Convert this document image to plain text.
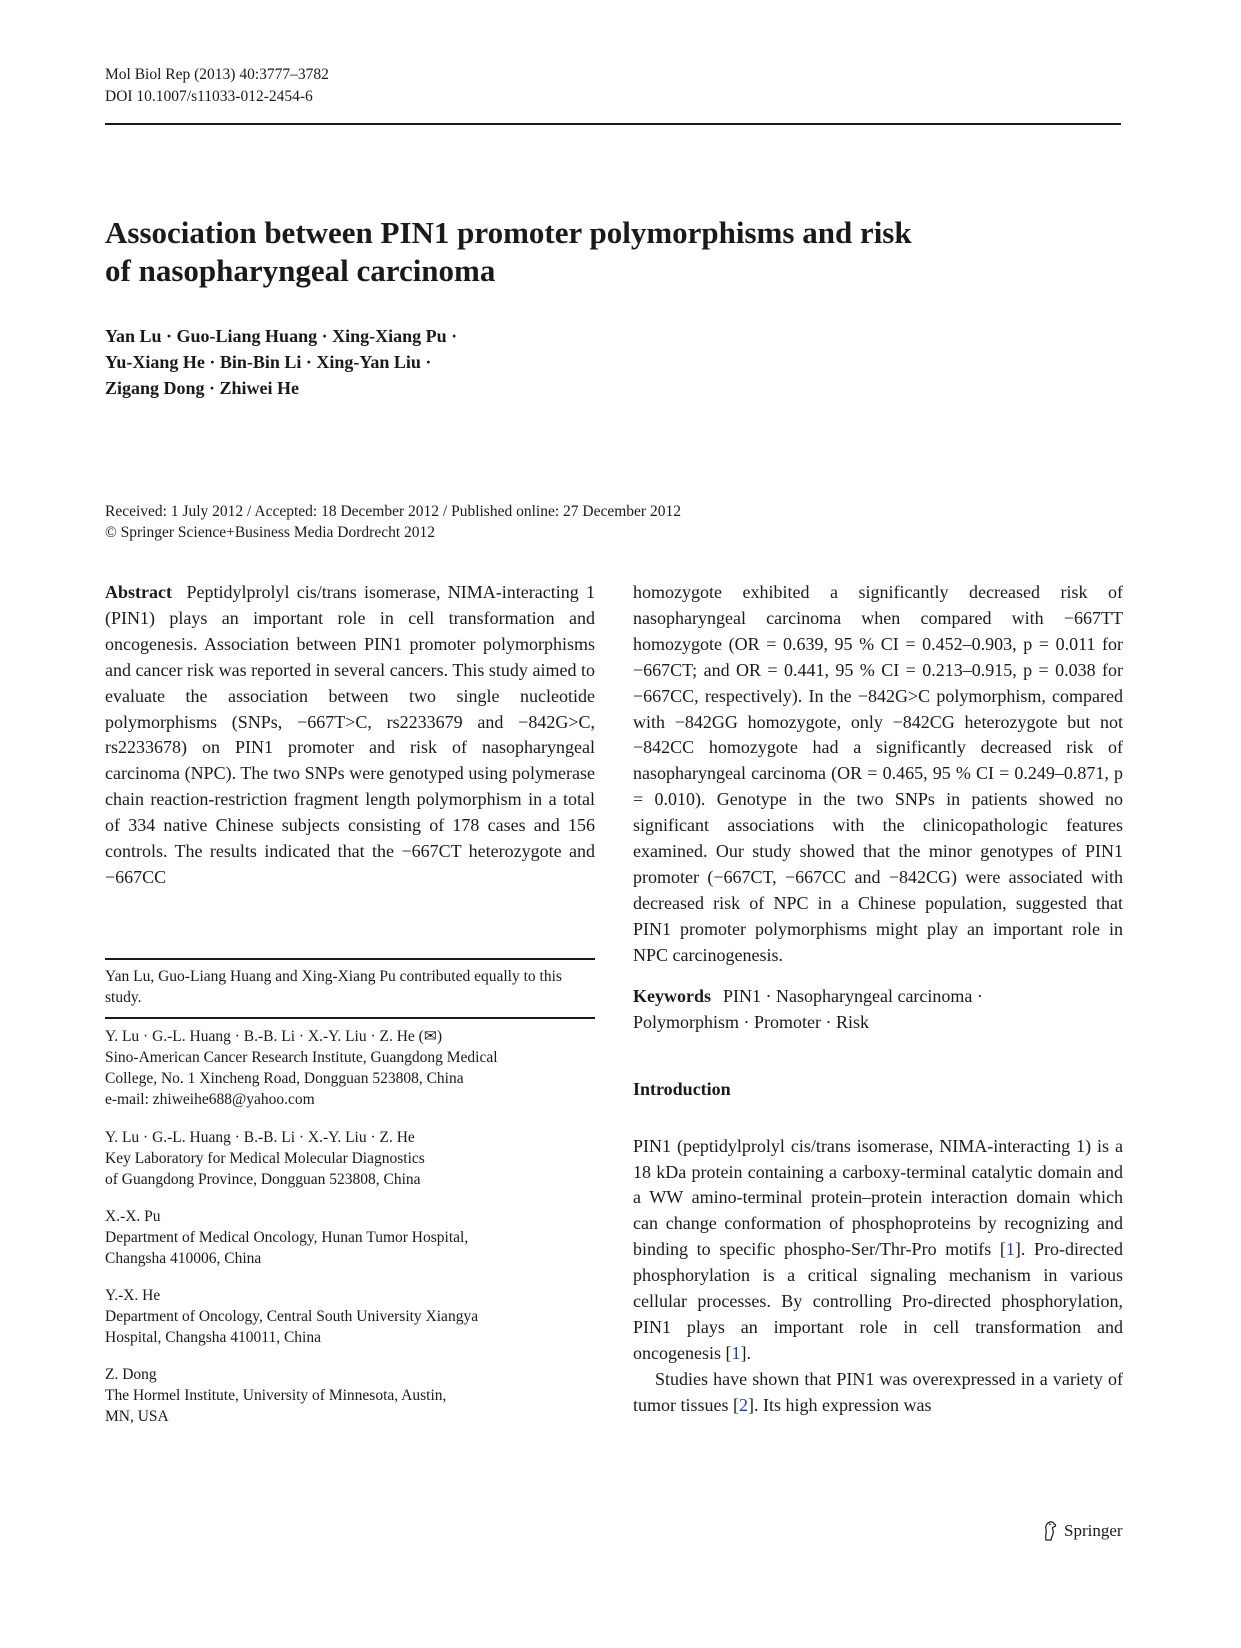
Mol Biol Rep (2013) 40:3777–3782
DOI 10.1007/s11033-012-2454-6
Association between PIN1 promoter polymorphisms and risk
of nasopharyngeal carcinoma
Yan Lu · Guo-Liang Huang · Xing-Xiang Pu ·
Yu-Xiang He · Bin-Bin Li · Xing-Yan Liu ·
Zigang Dong · Zhiwei He
Received: 1 July 2012 / Accepted: 18 December 2012 / Published online: 27 December 2012
© Springer Science+Business Media Dordrecht 2012

Abstract Peptidylprolyl cis/trans isomerase, NIMA-interacting 1 (PIN1) plays an important role in cell transformation and oncogenesis. Association between PIN1 promoter polymorphisms and cancer risk was reported in several cancers. This study aimed to evaluate the association between two single nucleotide polymorphisms (SNPs, −667T>C, rs2233679 and −842G>C, rs2233678) on PIN1 promoter and risk of nasopharyngeal carcinoma (NPC). The two SNPs were genotyped using polymerase chain reaction-restriction fragment length polymorphism in a total of 334 native Chinese subjects consisting of 178 cases and 156 controls. The results indicated that the −667CT heterozygote and −667CC

Yan Lu, Guo-Liang Huang and Xing-Xiang Pu contributed equally to this study.

Y. Lu · G.-L. Huang · B.-B. Li · X.-Y. Liu · Z. He (✉)
Sino-American Cancer Research Institute, Guangdong Medical
College, No. 1 Xincheng Road, Dongguan 523808, China
e-mail: zhiweihe688@yahoo.com
Y. Lu · G.-L. Huang · B.-B. Li · X.-Y. Liu · Z. He
Key Laboratory for Medical Molecular Diagnostics
of Guangdong Province, Dongguan 523808, China
X.-X. Pu
Department of Medical Oncology, Hunan Tumor Hospital,
Changsha 410006, China
Y.-X. He
Department of Oncology, Central South University Xiangya
Hospital, Changsha 410011, China
Z. Dong
The Hormel Institute, University of Minnesota, Austin,
MN, USA

homozygote exhibited a significantly decreased risk of nasopharyngeal carcinoma when compared with −667TT homozygote (OR = 0.639, 95 % CI = 0.452–0.903, p = 0.011 for −667CT; and OR = 0.441, 95 % CI = 0.213–0.915, p = 0.038 for −667CC, respectively). In the −842G>C polymorphism, compared with −842GG homozygote, only −842CG heterozygote but not −842CC homozygote had a significantly decreased risk of nasopharyngeal carcinoma (OR = 0.465, 95 % CI = 0.249–0.871, p = 0.010). Genotype in the two SNPs in patients showed no significant associations with the clinicopathologic features examined. Our study showed that the minor genotypes of PIN1 promoter (−667CT, −667CC and −842CG) were associated with decreased risk of NPC in a Chinese population, suggested that PIN1 promoter polymorphisms might play an important role in NPC carcinogenesis.

Keywords PIN1 · Nasopharyngeal carcinoma ·
Polymorphism · Promoter · Risk
Introduction

PIN1 (peptidylprolyl cis/trans isomerase, NIMA-interacting 1) is a 18 kDa protein containing a carboxy-terminal catalytic domain and a WW amino-terminal protein–protein interaction domain which can change conformation of phosphoproteins by recognizing and binding to specific phospho-Ser/Thr-Pro motifs [1]. Pro-directed phosphorylation is a critical signaling mechanism in various cellular processes. By controlling Pro-directed phosphorylation, PIN1 plays an important role in cell transformation and oncogenesis [1].

Studies have shown that PIN1 was overexpressed in a variety of tumor tissues [2]. Its high expression was

Springer
